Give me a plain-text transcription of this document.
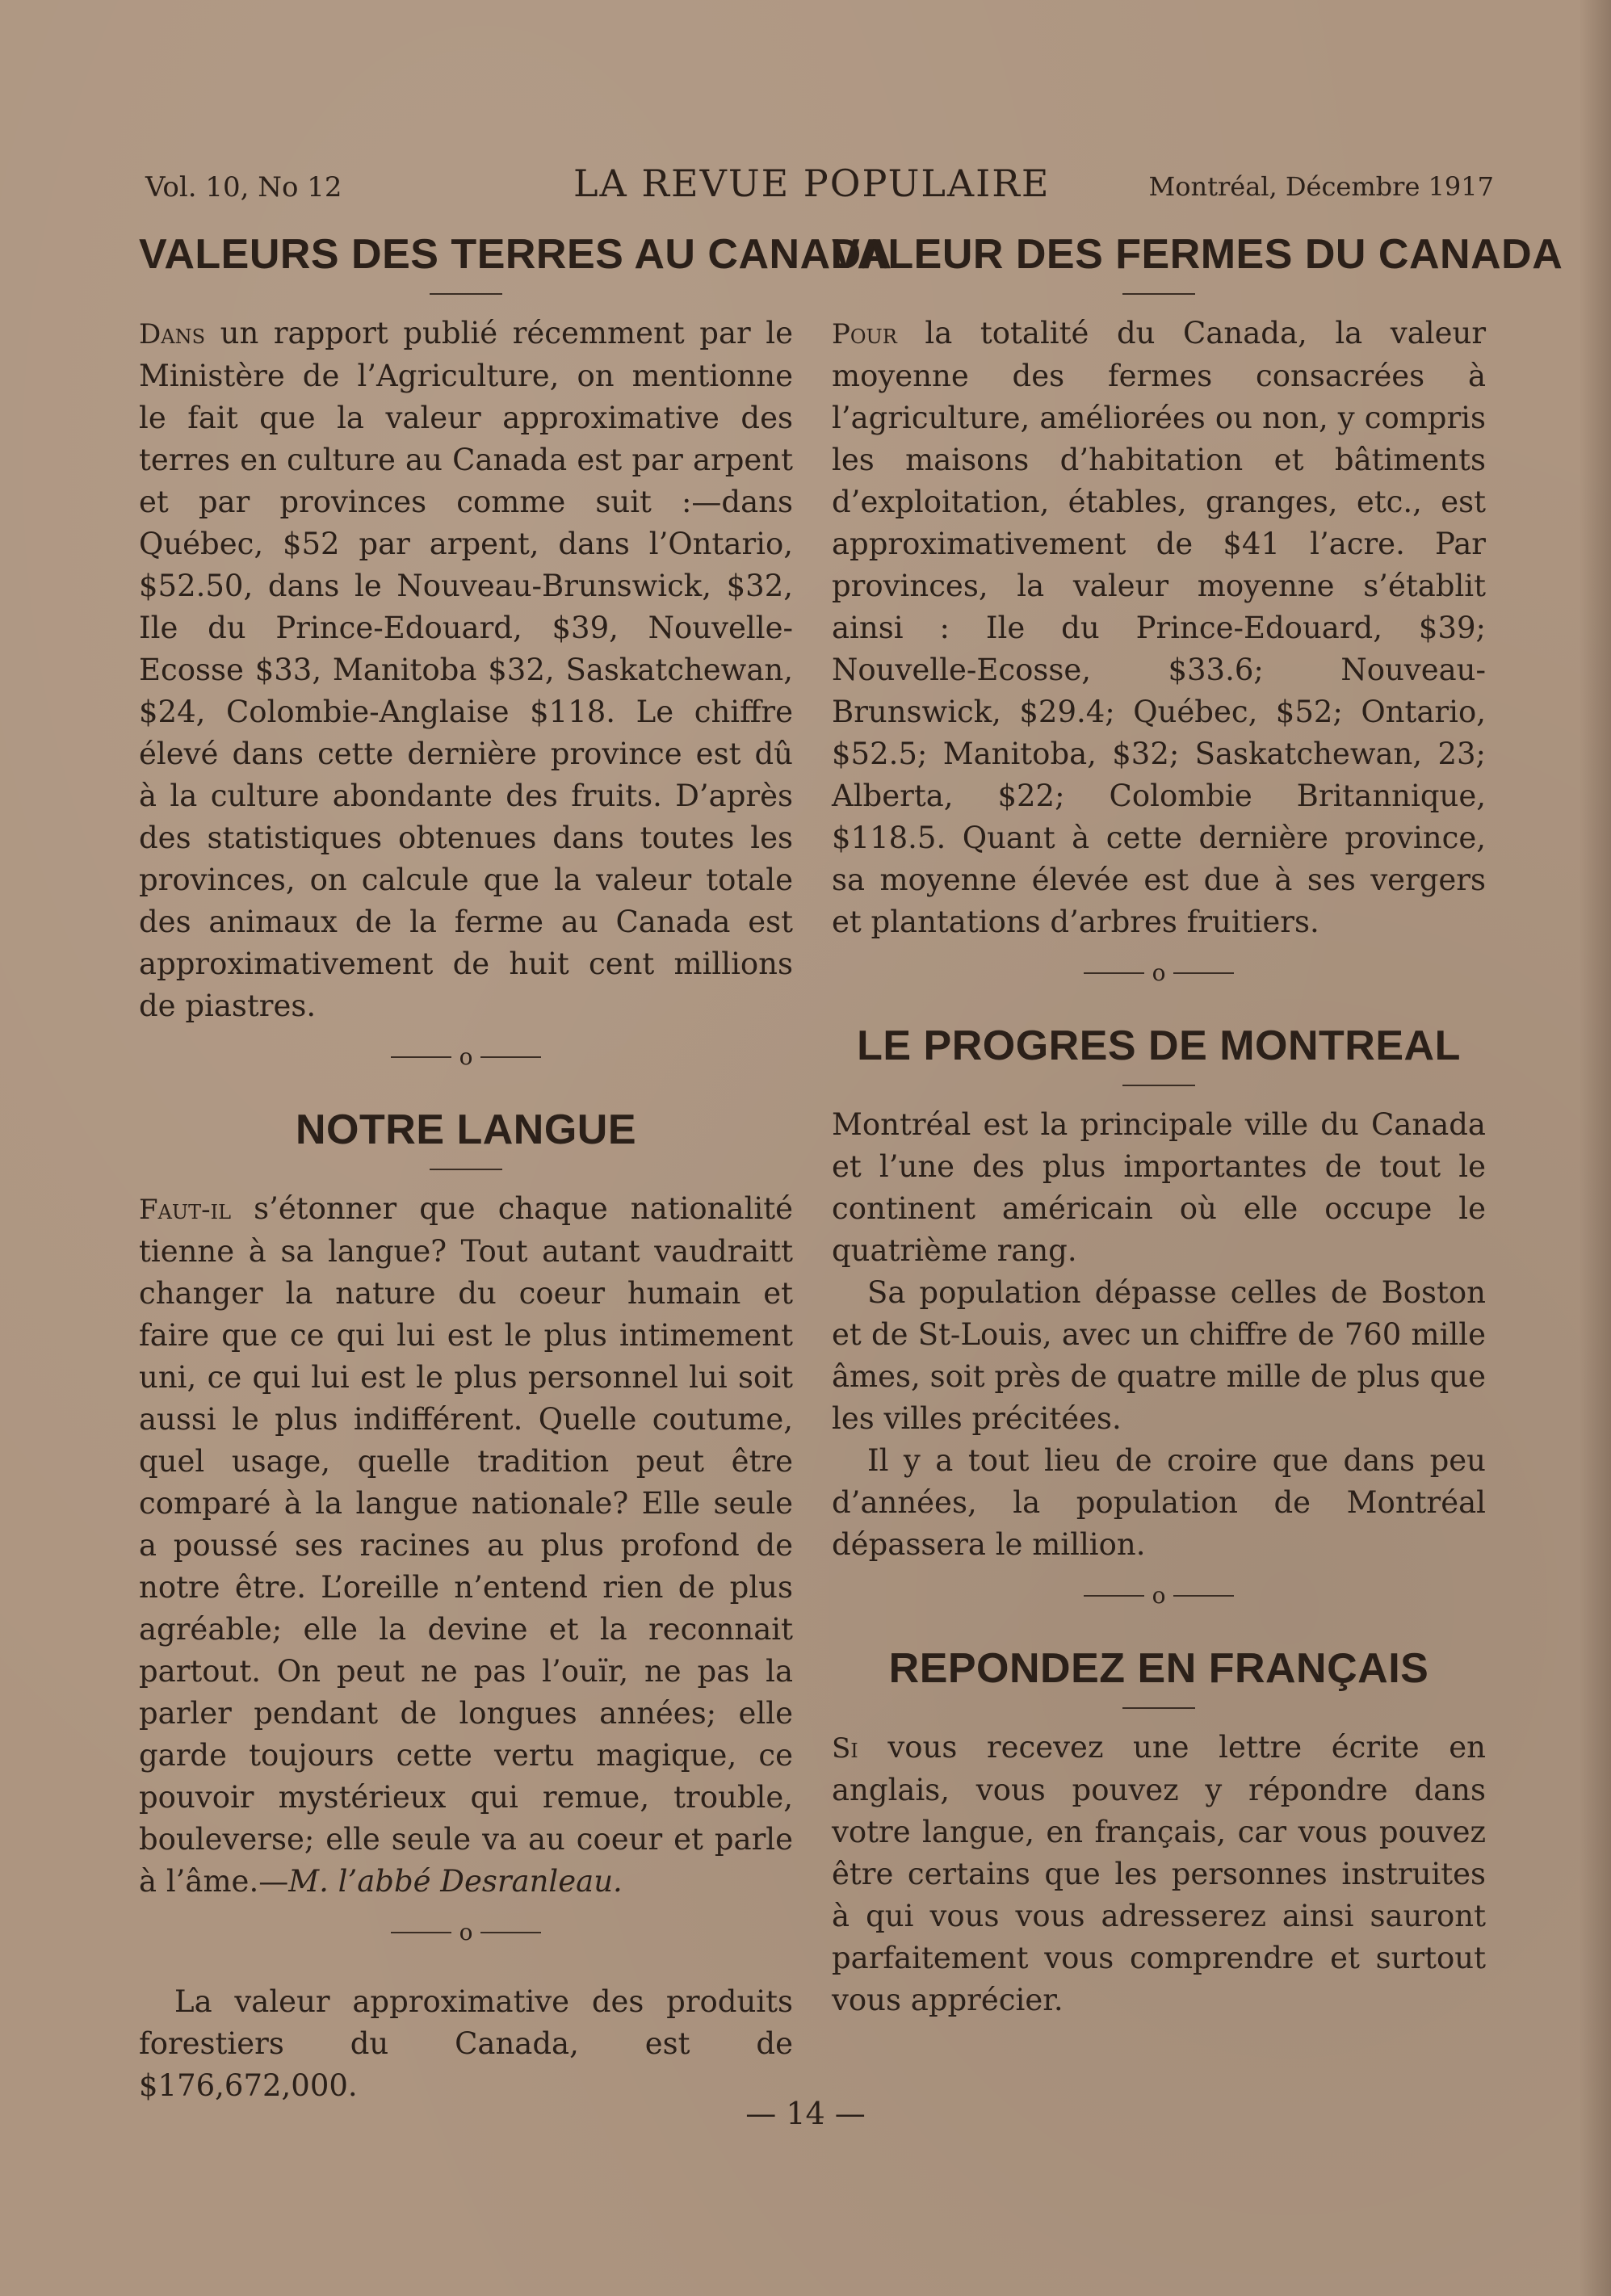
Vol. 10, No 12	LA REVUE POPULAIRE	Montréal, Décembre 1917
VALEURS DES TERRES AU CANADA

Dans un rapport publié récemment par le Ministère de l’Agriculture, on mentionne le fait que la valeur approximative des terres en culture au Canada est par arpent et par provinces comme suit :—dans Québec, $52 par arpent, dans l’Ontario, $52.50, dans le Nouveau-Brunswick, $32, Ile du Prince-Edouard, $39, Nouvelle-Ecosse $33, Manitoba $32, Saskatchewan, $24, Colombie-Anglaise $118. Le chiffre élevé dans cette dernière province est dû à la culture abondante des fruits. D’après des statistiques obtenues dans toutes les provinces, on calcule que la valeur totale des animaux de la ferme au Canada est approximativement de huit cent millions de piastres.

o
NOTRE LANGUE

Faut-il s’étonner que chaque nationalité tienne à sa langue? Tout autant vaudraitt changer la nature du coeur humain et faire que ce qui lui est le plus intimement uni, ce qui lui est le plus personnel lui soit aussi le plus indifférent. Quelle coutume, quel usage, quelle tradition peut être comparé à la langue nationale? Elle seule a poussé ses racines au plus profond de notre être. L’oreille n’entend rien de plus agréable; elle la devine et la reconnait partout. On peut ne pas l’ouïr, ne pas la parler pendant de longues années; elle garde toujours cette vertu magique, ce pouvoir mystérieux qui remue, trouble, bouleverse; elle seule va au coeur et parle à l’âme.—M. l’abbé Desranleau.

o

La valeur approximative des produits forestiers du Canada, est de $176,672,000.

VALEUR DES FERMES DU CANADA

Pour la totalité du Canada, la valeur moyenne des fermes consacrées à l’agriculture, améliorées ou non, y compris les maisons d’habitation et bâtiments d’exploitation, étables, granges, etc., est approximativement de $41 l’acre. Par provinces, la valeur moyenne s’établit ainsi : Ile du Prince-Edouard, $39; Nouvelle-Ecosse, $33.6; Nouveau-Brunswick, $29.4; Québec, $52; Ontario, $52.5; Manitoba, $32; Saskatchewan, 23; Alberta, $22; Colombie Britannique, $118.5. Quant à cette dernière province, sa moyenne élevée est due à ses vergers et plantations d’arbres fruitiers.

o
LE PROGRES DE MONTREAL

Montréal est la principale ville du Canada et l’une des plus importantes de tout le continent américain où elle occupe le quatrième rang.

Sa population dépasse celles de Boston et de St-Louis, avec un chiffre de 760 mille âmes, soit près de quatre mille de plus que les villes précitées.

Il y a tout lieu de croire que dans peu d’années, la population de Montréal dépassera le million.

o
REPONDEZ EN FRANÇAIS

Si vous recevez une lettre écrite en anglais, vous pouvez y répondre dans votre langue, en français, car vous pouvez être certains que les personnes instruites à qui vous vous adresserez ainsi sauront parfaitement vous comprendre et surtout vous apprécier.

— 14 —
